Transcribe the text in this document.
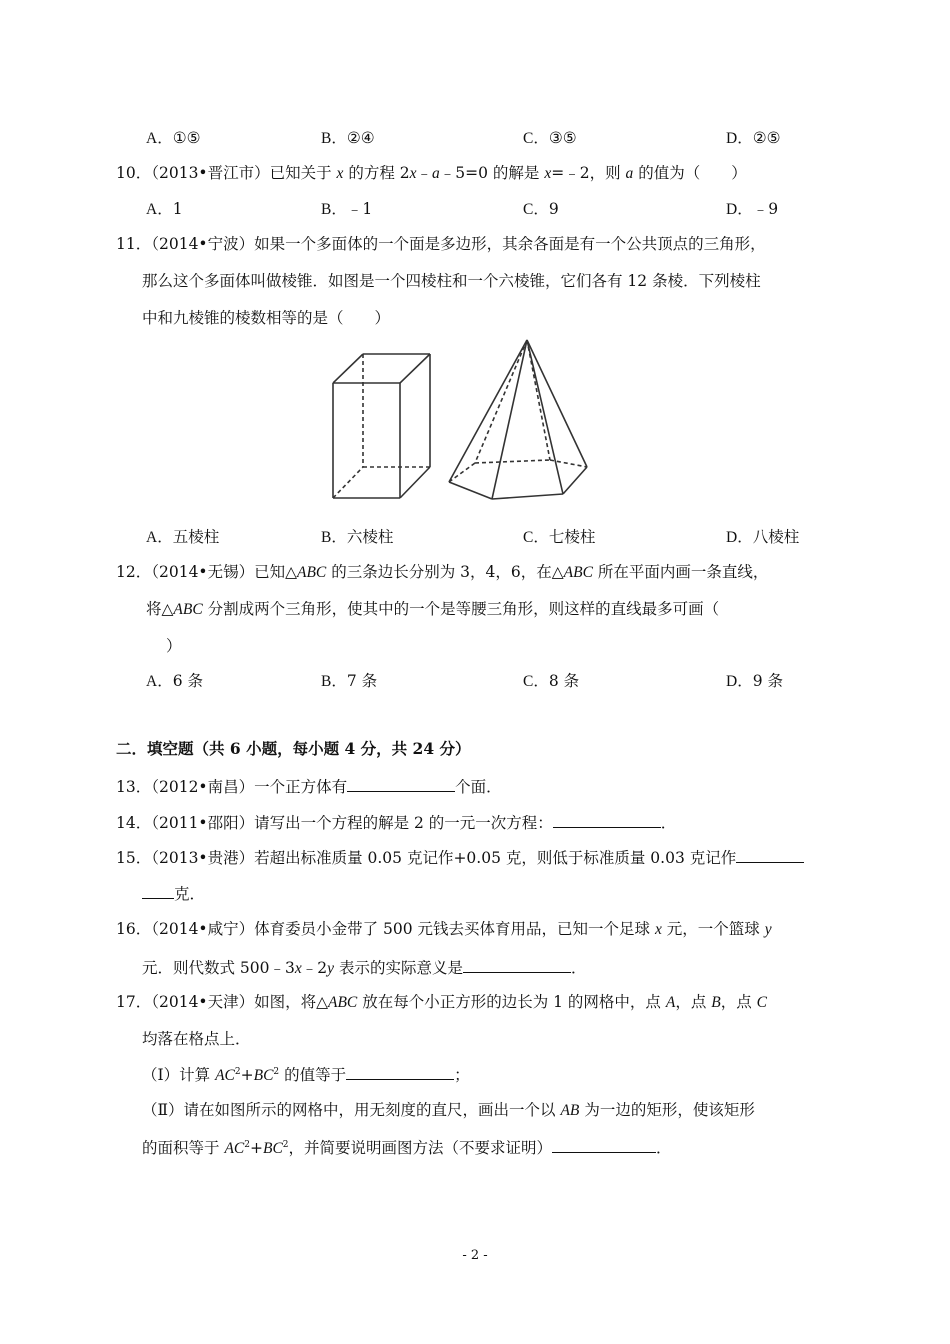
A．①⑤	B．②④	C．③⑤	D．②⑤
10．（2013•晋江市）已知关于 x 的方程 2x﹣a﹣5=0 的解是 x=﹣2，则 a 的值为（　　）
A．1	B．﹣1	C．9	D．﹣9
11．（2014•宁波）如果一个多面体的一个面是多边形，其余各面是有一个公共顶点的三角形，
那么这个多面体叫做棱锥．如图是一个四棱柱和一个六棱锥，它们各有 12 条棱．下列棱柱
中和九棱锥的棱数相等的是（　　）
A．五棱柱	B．六棱柱	C．七棱柱	D．八棱柱
12．（2014•无锡）已知△ABC 的三条边长分别为 3，4，6，在△ABC 所在平面内画一条直线，
将△ABC 分割成两个三角形，使其中的一个是等腰三角形，则这样的直线最多可画（
）
A．6 条	B．7 条	C．8 条	D．9 条
二．填空题（共 6 小题，每小题 4 分，共 24 分）
13．（2012•南昌）一个正方体有	个面．
14．（2011•邵阳）请写出一个方程的解是 2 的一元一次方程：	．
15．（2013•贵港）若超出标准质量 0.05 克记作+0.05 克，则低于标准质量 0.03 克记作
克．
16．（2014•咸宁）体育委员小金带了 500 元钱去买体育用品，已知一个足球 x 元，一个篮球 y
元．则代数式 500﹣3x﹣2y 表示的实际意义是	．
17．（2014•天津）如图，将△ABC 放在每个小正方形的边长为 1 的网格中，点 A，点 B，点 C
均落在格点上．
（Ⅰ）计算 $AC^2+BC^2$ 的值等于	；
（Ⅱ）请在如图所示的网格中，用无刻度的直尺，画出一个以 AB 为一边的矩形，使该矩形
的面积等于 $AC^2+BC^2$，并简要说明画图方法（不要求证明）	．
- 2 -
